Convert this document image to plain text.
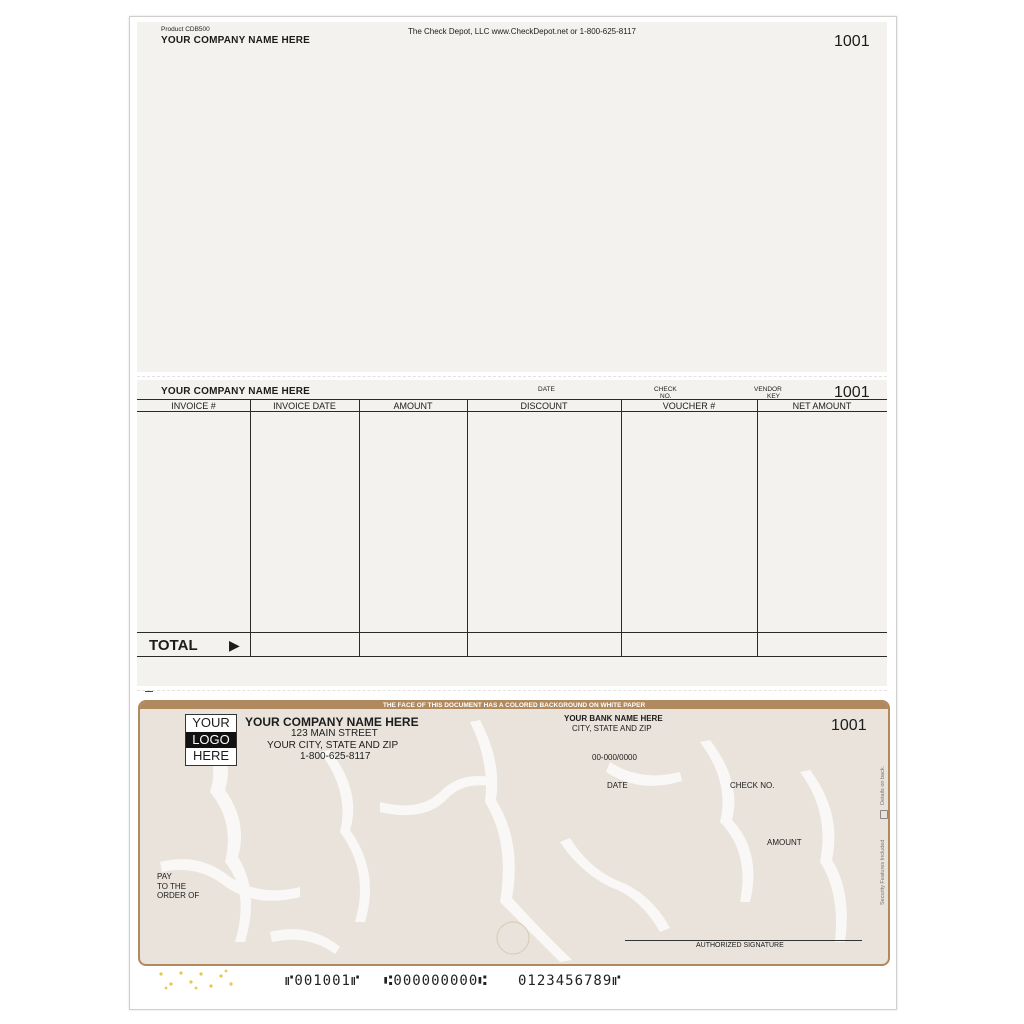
Product CDB500
YOUR COMPANY NAME HERE
The Check Depot, LLC www.CheckDepot.net or 1-800-625-8117
1001
YOUR COMPANY NAME HERE	DATE	CHECK
NO.
VENDOR
KEY	1001
INVOICE #	INVOICE DATE	AMOUNT	DISCOUNT	VOUCHER #	NET AMOUNT
TOTAL ▶
THE FACE OF THIS DOCUMENT HAS A COLORED BACKGROUND ON WHITE PAPER
YOUR
LOGO
HERE
YOUR COMPANY NAME HERE
123 MAIN STREET
YOUR CITY, STATE AND ZIP
1-800-625-8117
YOUR BANK NAME HERE
CITY, STATE AND ZIP
00-000/0000
1001
DATE	CHECK NO.
AMOUNT
PAY
TO THE
ORDER OF
AUTHORIZED SIGNATURE
Security Features Included
Details on back.
⑈001001⑈ ⑆000000000⑆ 0123456789⑈
